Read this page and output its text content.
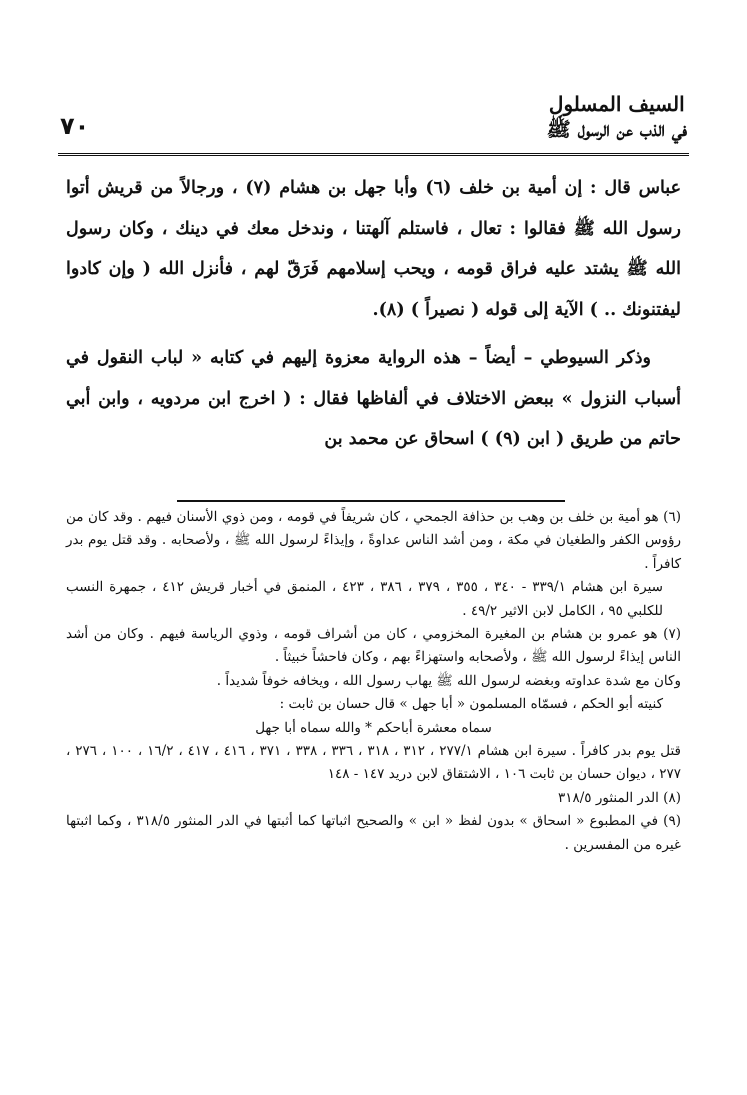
٧٠
السيف المسلول
في الذب عن الرسول ﷺ

عباس قال : إن أمية بن خلف (٦) وأبا جهل بن هشام (٧) ، ورجالاً من قريش أتوا رسول الله ﷺ فقالوا : تعال ، فاستلم آلهتنا ، وندخل معك في دينك ، وكان رسول الله ﷺ يشتد عليه فراق قومه ، ويحب إسلامهم فَرَقّ لهم ، فأنزل الله ( وإن كادوا ليفتنونك .. ) الآية إلى قوله ( نصيراً ) (٨).

وذكر السيوطي – أيضاً – هذه الرواية معزوة إليهم في كتابه « لباب النقول في أسباب النزول » ببعض الاختلاف في ألفاظها فقال : ( اخرج ابن مردويه ، وابن أبي حاتم من طريق ( ابن (٩) ) اسحاق عن محمد بن

(٦) هو أمية بن خلف بن وهب بن حذافة الجمحي ، كان شريفاً في قومه ، ومن ذوي الأسنان فيهم . وقد كان من رؤوس الكفر والطغيان في مكة ، ومن أشد الناس عداوةً ، وإيذاءً لرسول الله ﷺ ، ولأصحابه . وقد قتل يوم بدر كافراً .

سيرة ابن هشام ٣٣٩/١ - ٣٤٠ ، ٣٥٥ ، ٣٧٩ ، ٣٨٦ ، ٤٢٣ ، المنمق في أخبار قريش ٤١٢ ، جمهرة النسب للكلبي ٩٥ ، الكامل لابن الاثير ٤٩/٢ .

(٧) هو عمرو بن هشام بن المغيرة المخزومي ، كان من أشراف قومه ، وذوي الرياسة فيهم . وكان من أشد الناس إيذاءً لرسول الله ﷺ ، ولأصحابه واستهزاءً بهم ، وكان فاحشاً خبيثاً .

وكان مع شدة عداوته وبغضه لرسول الله ﷺ يهاب رسول الله ، ويخافه خوفاً شديداً .

كنيته أبو الحكم ، فسمّاه المسلمون « أبا جهل » قال حسان بن ثابت :

سماه معشرة أباحكم * والله سماه أبا جهل

قتل يوم بدر كافراً . سيرة ابن هشام ٢٧٧/١ ، ٣١٢ ، ٣١٨ ، ٣٣٦ ، ٣٣٨ ، ٣٧١ ، ٤١٦ ، ٤١٧ ، ١٦/٢ ، ١٠٠ ، ٢٧٦ ، ٢٧٧ ، ديوان حسان بن ثابت ١٠٦ ، الاشتقاق لابن دريد ١٤٧ - ١٤٨

(٨) الدر المنثور ٣١٨/٥

(٩) في المطبوع « اسحاق » بدون لفظ « ابن » والصحيح اثباتها كما أثبتها في الدر المنثور ٣١٨/٥ ، وكما اثبتها غيره من المفسرين .
